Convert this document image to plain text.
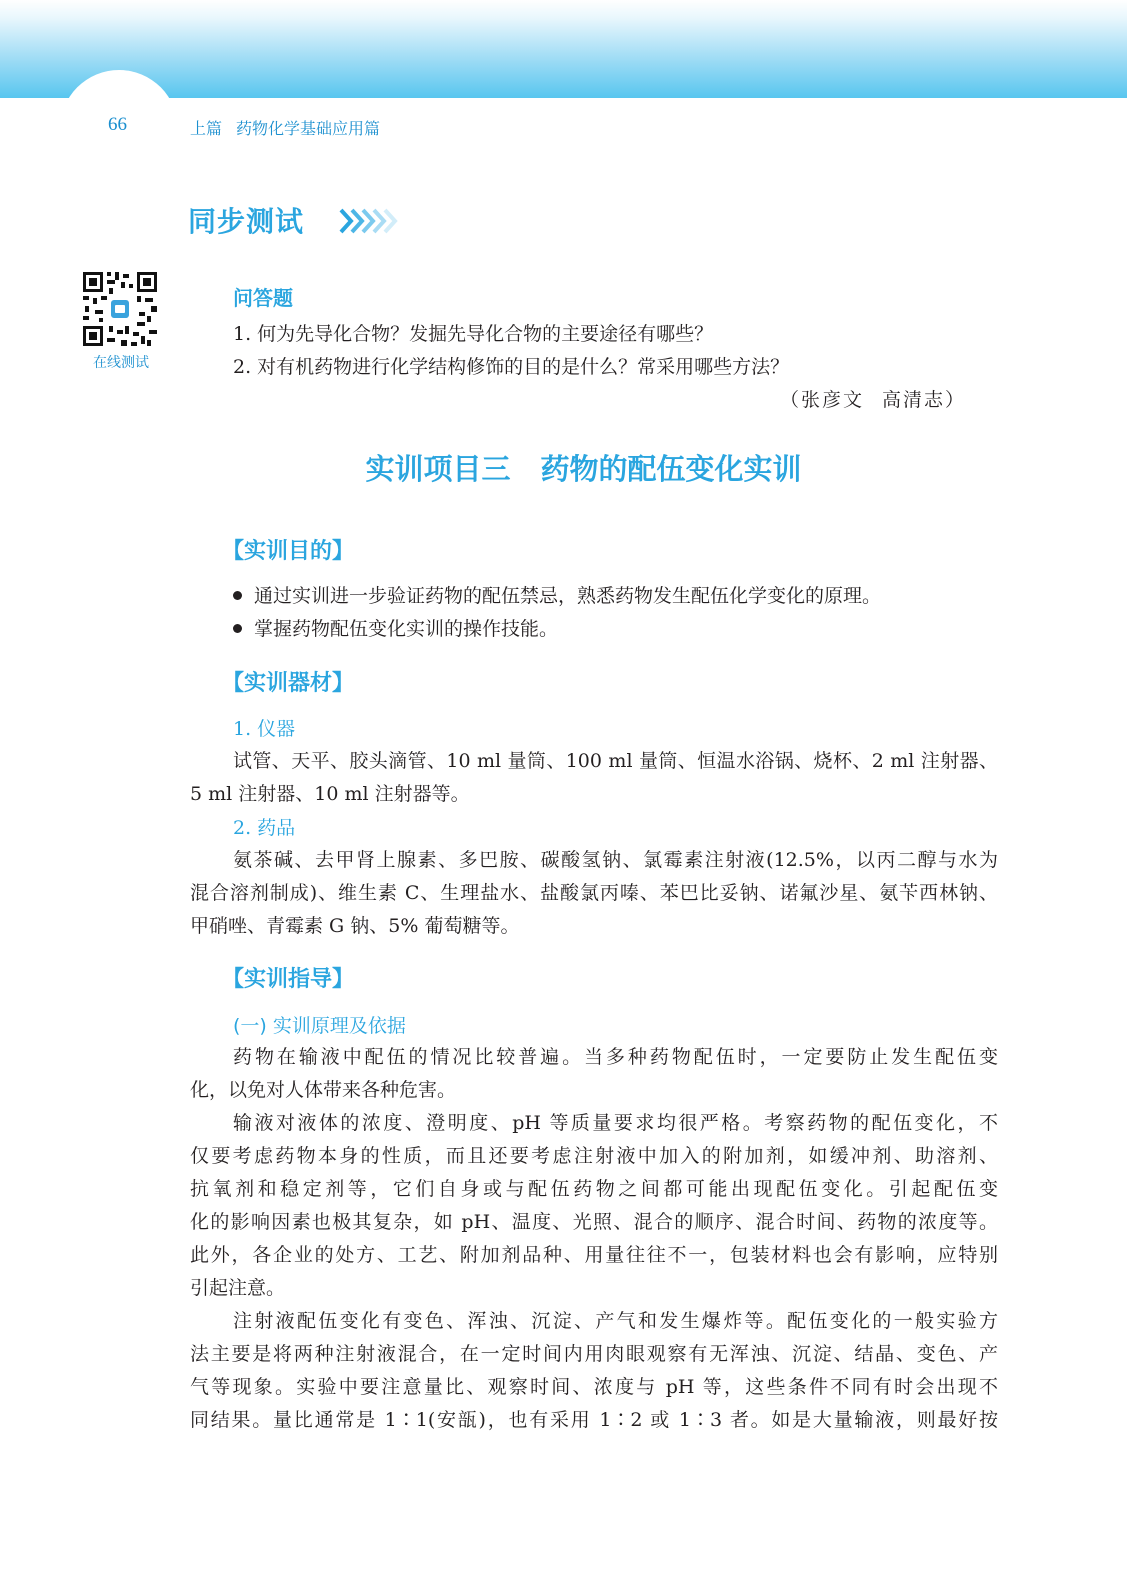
66	上篇 药物化学基础应用篇
同步测试
在线测试
问答题
1. 何为先导化合物？发掘先导化合物的主要途径有哪些？
2. 对有机药物进行化学结构修饰的目的是什么？常采用哪些方法？
（张彦文 高清志）
实训项目三 药物的配伍变化实训
【实训目的】
通过实训进一步验证药物的配伍禁忌，熟悉药物发生配伍化学变化的原理。
掌握药物配伍变化实训的操作技能。
【实训器材】
1. 仪器
试管、天平、胶头滴管、10 ml 量筒、100 ml 量筒、恒温水浴锅、烧杯、2 ml 注射器、
5 ml 注射器、10 ml 注射器等。
2. 药品
氨茶碱、去甲肾上腺素、多巴胺、碳酸氢钠、氯霉素注射液(12.5%，以丙二醇与水为
混合溶剂制成)、维生素 C、生理盐水、盐酸氯丙嗪、苯巴比妥钠、诺氟沙星、氨苄西林钠、
甲硝唑、青霉素 G 钠、5% 葡萄糖等。
【实训指导】
(一) 实训原理及依据
药物在输液中配伍的情况比较普遍。当多种药物配伍时，一定要防止发生配伍变
化，以免对人体带来各种危害。
输液对液体的浓度、澄明度、pH 等质量要求均很严格。考察药物的配伍变化，不
仅要考虑药物本身的性质，而且还要考虑注射液中加入的附加剂，如缓冲剂、助溶剂、
抗氧剂和稳定剂等，它们自身或与配伍药物之间都可能出现配伍变化。引起配伍变
化的影响因素也极其复杂，如 pH、温度、光照、混合的顺序、混合时间、药物的浓度等。
此外，各企业的处方、工艺、附加剂品种、用量往往不一，包装材料也会有影响，应特别
引起注意。
注射液配伍变化有变色、浑浊、沉淀、产气和发生爆炸等。配伍变化的一般实验方
法主要是将两种注射液混合，在一定时间内用肉眼观察有无浑浊、沉淀、结晶、变色、产
气等现象。实验中要注意量比、观察时间、浓度与 pH 等，这些条件不同有时会出现不
同结果。量比通常是 1∶1(安瓿)，也有采用 1∶2 或 1∶3 者。如是大量输液，则最好按
